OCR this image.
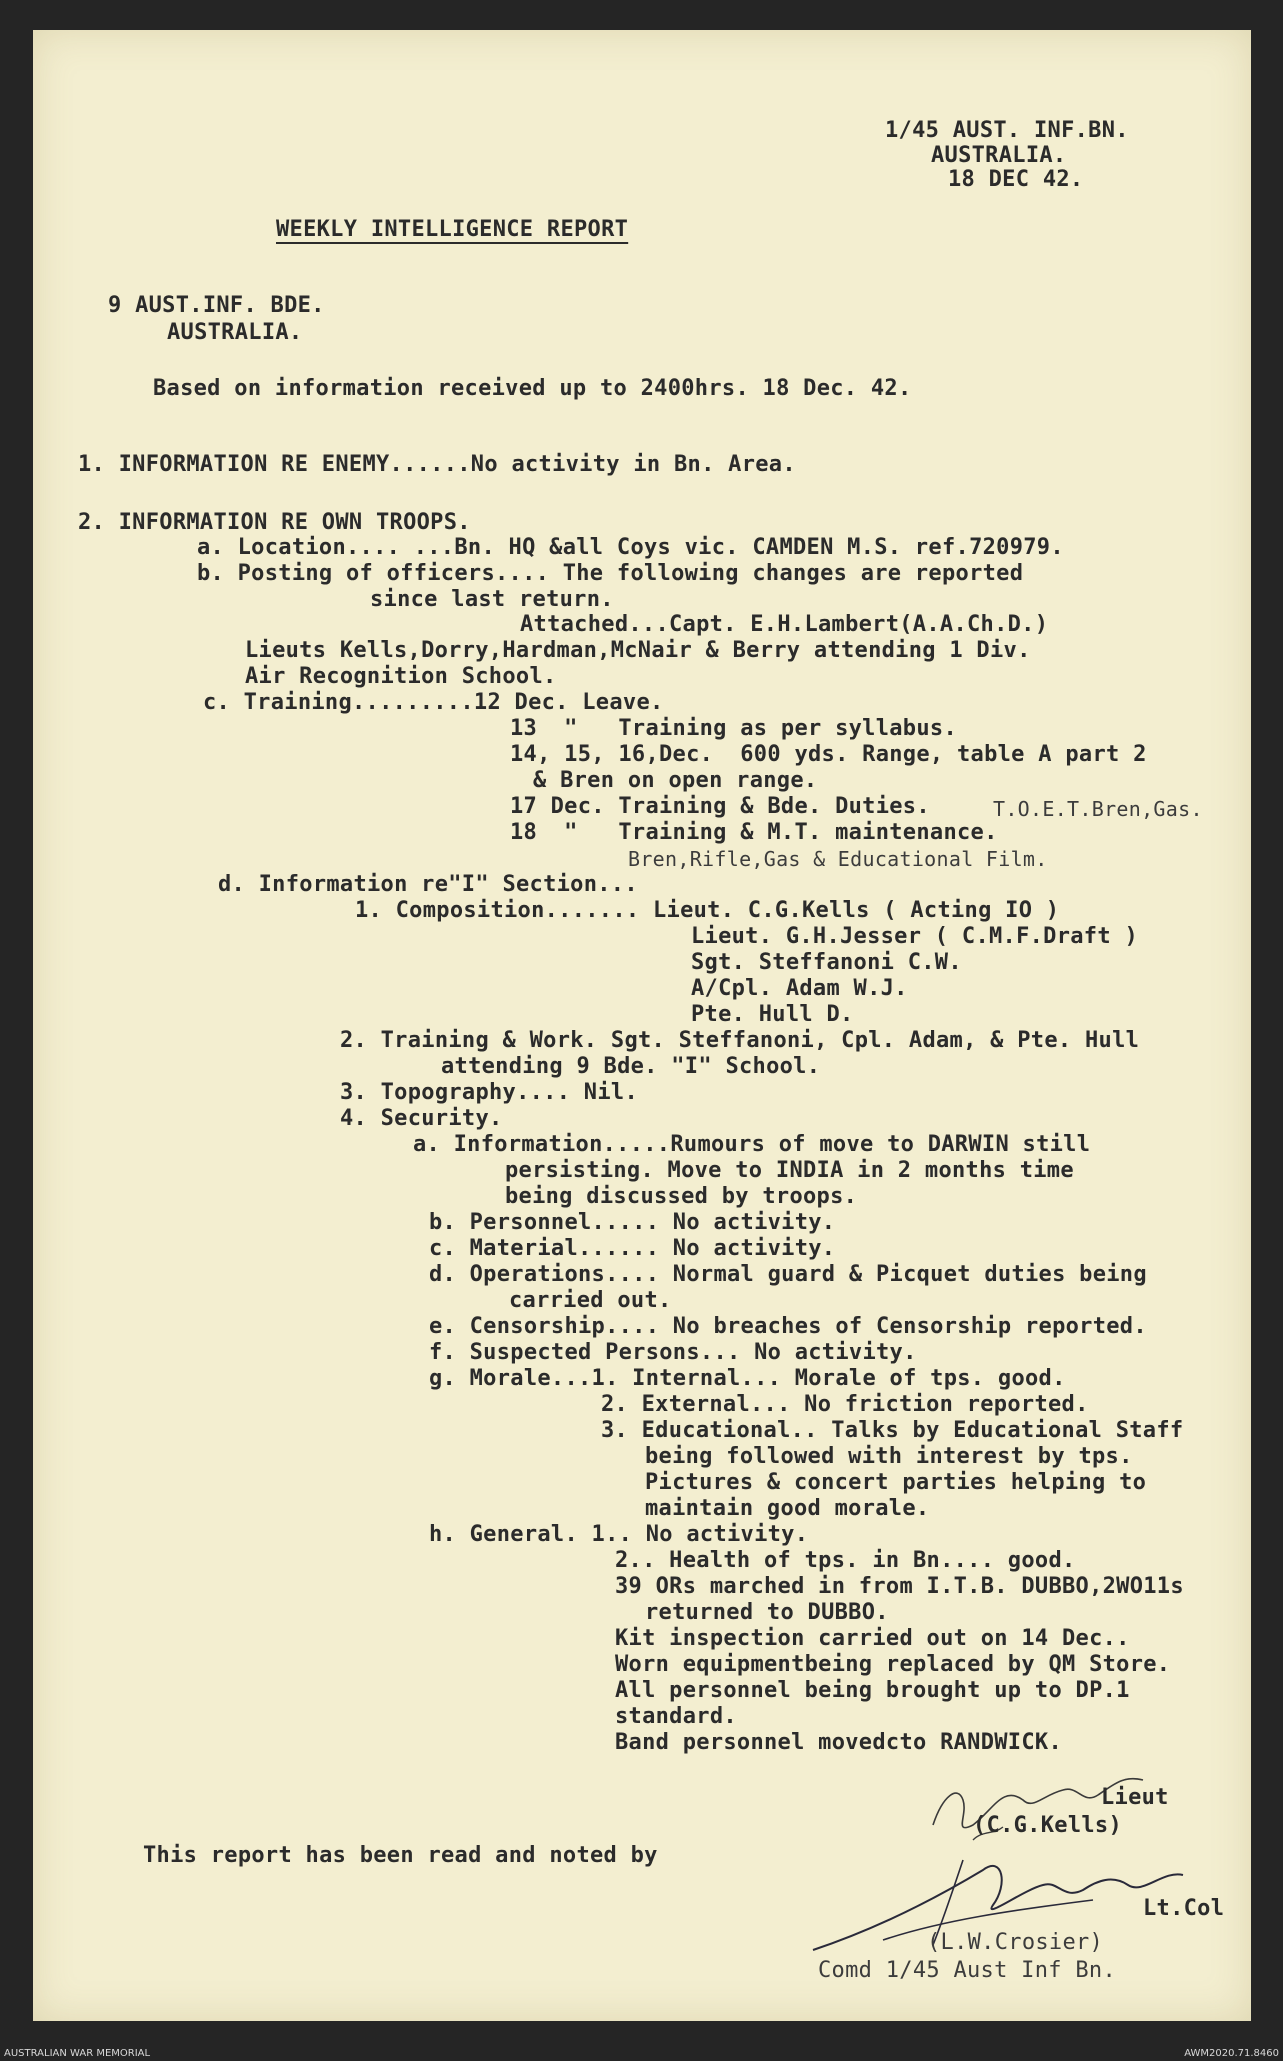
1/45 AUST. INF.BN.
AUSTRALIA.
18 DEC 42.
WEEKLY INTELLIGENCE REPORT
9 AUST.INF. BDE.
AUSTRALIA.
Based on information received up to 2400hrs. 18 Dec. 42.
1. INFORMATION RE ENEMY......No activity in Bn. Area.
2. INFORMATION RE OWN TROOPS.
a. Location.... ...Bn. HQ &all Coys vic. CAMDEN M.S. ref.720979.
b. Posting of officers.... The following changes are reported
since last return.
Attached...Capt. E.H.Lambert(A.A.Ch.D.)
Lieuts Kells,Dorry,Hardman,McNair & Berry attending 1 Div.
Air Recognition School.
c. Training.........12 Dec. Leave.
13  "   Training as per syllabus.
14, 15, 16,Dec.  600 yds. Range, table A part 2
& Bren on open range.
17 Dec. Training & Bde. Duties.	T.O.E.T.Bren,Gas.
18  "   Training & M.T. maintenance.
Bren,Rifle,Gas & Educational Film.
d. Information re"I" Section...
1. Composition....... Lieut. C.G.Kells ( Acting IO )
Lieut. G.H.Jesser ( C.M.F.Draft )
Sgt. Steffanoni C.W.
A/Cpl. Adam W.J.
Pte. Hull D.
2. Training & Work. Sgt. Steffanoni, Cpl. Adam, & Pte. Hull
attending 9 Bde. "I" School.
3. Topography.... Nil.
4. Security.
a. Information.....Rumours of move to DARWIN still
persisting. Move to INDIA in 2 months time
being discussed by troops.
b. Personnel..... No activity.
c. Material...... No activity.
d. Operations.... Normal guard & Picquet duties being
carried out.
e. Censorship.... No breaches of Censorship reported.
f. Suspected Persons... No activity.
g. Morale...1. Internal... Morale of tps. good.
2. External... No friction reported.
3. Educational.. Talks by Educational Staff
being followed with interest by tps.
Pictures & concert parties helping to
maintain good morale.
h. General. 1.. No activity.
2.. Health of tps. in Bn.... good.
39 ORs marched in from I.T.B. DUBBO,2WO11s
returned to DUBBO.
Kit inspection carried out on 14 Dec..
Worn equipmentbeing replaced by QM Store.
All personnel being brought up to DP.1
standard.
Band personnel movedcto RANDWICK.
Lieut
(C.G.Kells)
This report has been read and noted by
Lt.Col
(L.W.Crosier)
Comd 1/45 Aust Inf Bn.
AUSTRALIAN WAR MEMORIAL	AWM2020.71.8460
